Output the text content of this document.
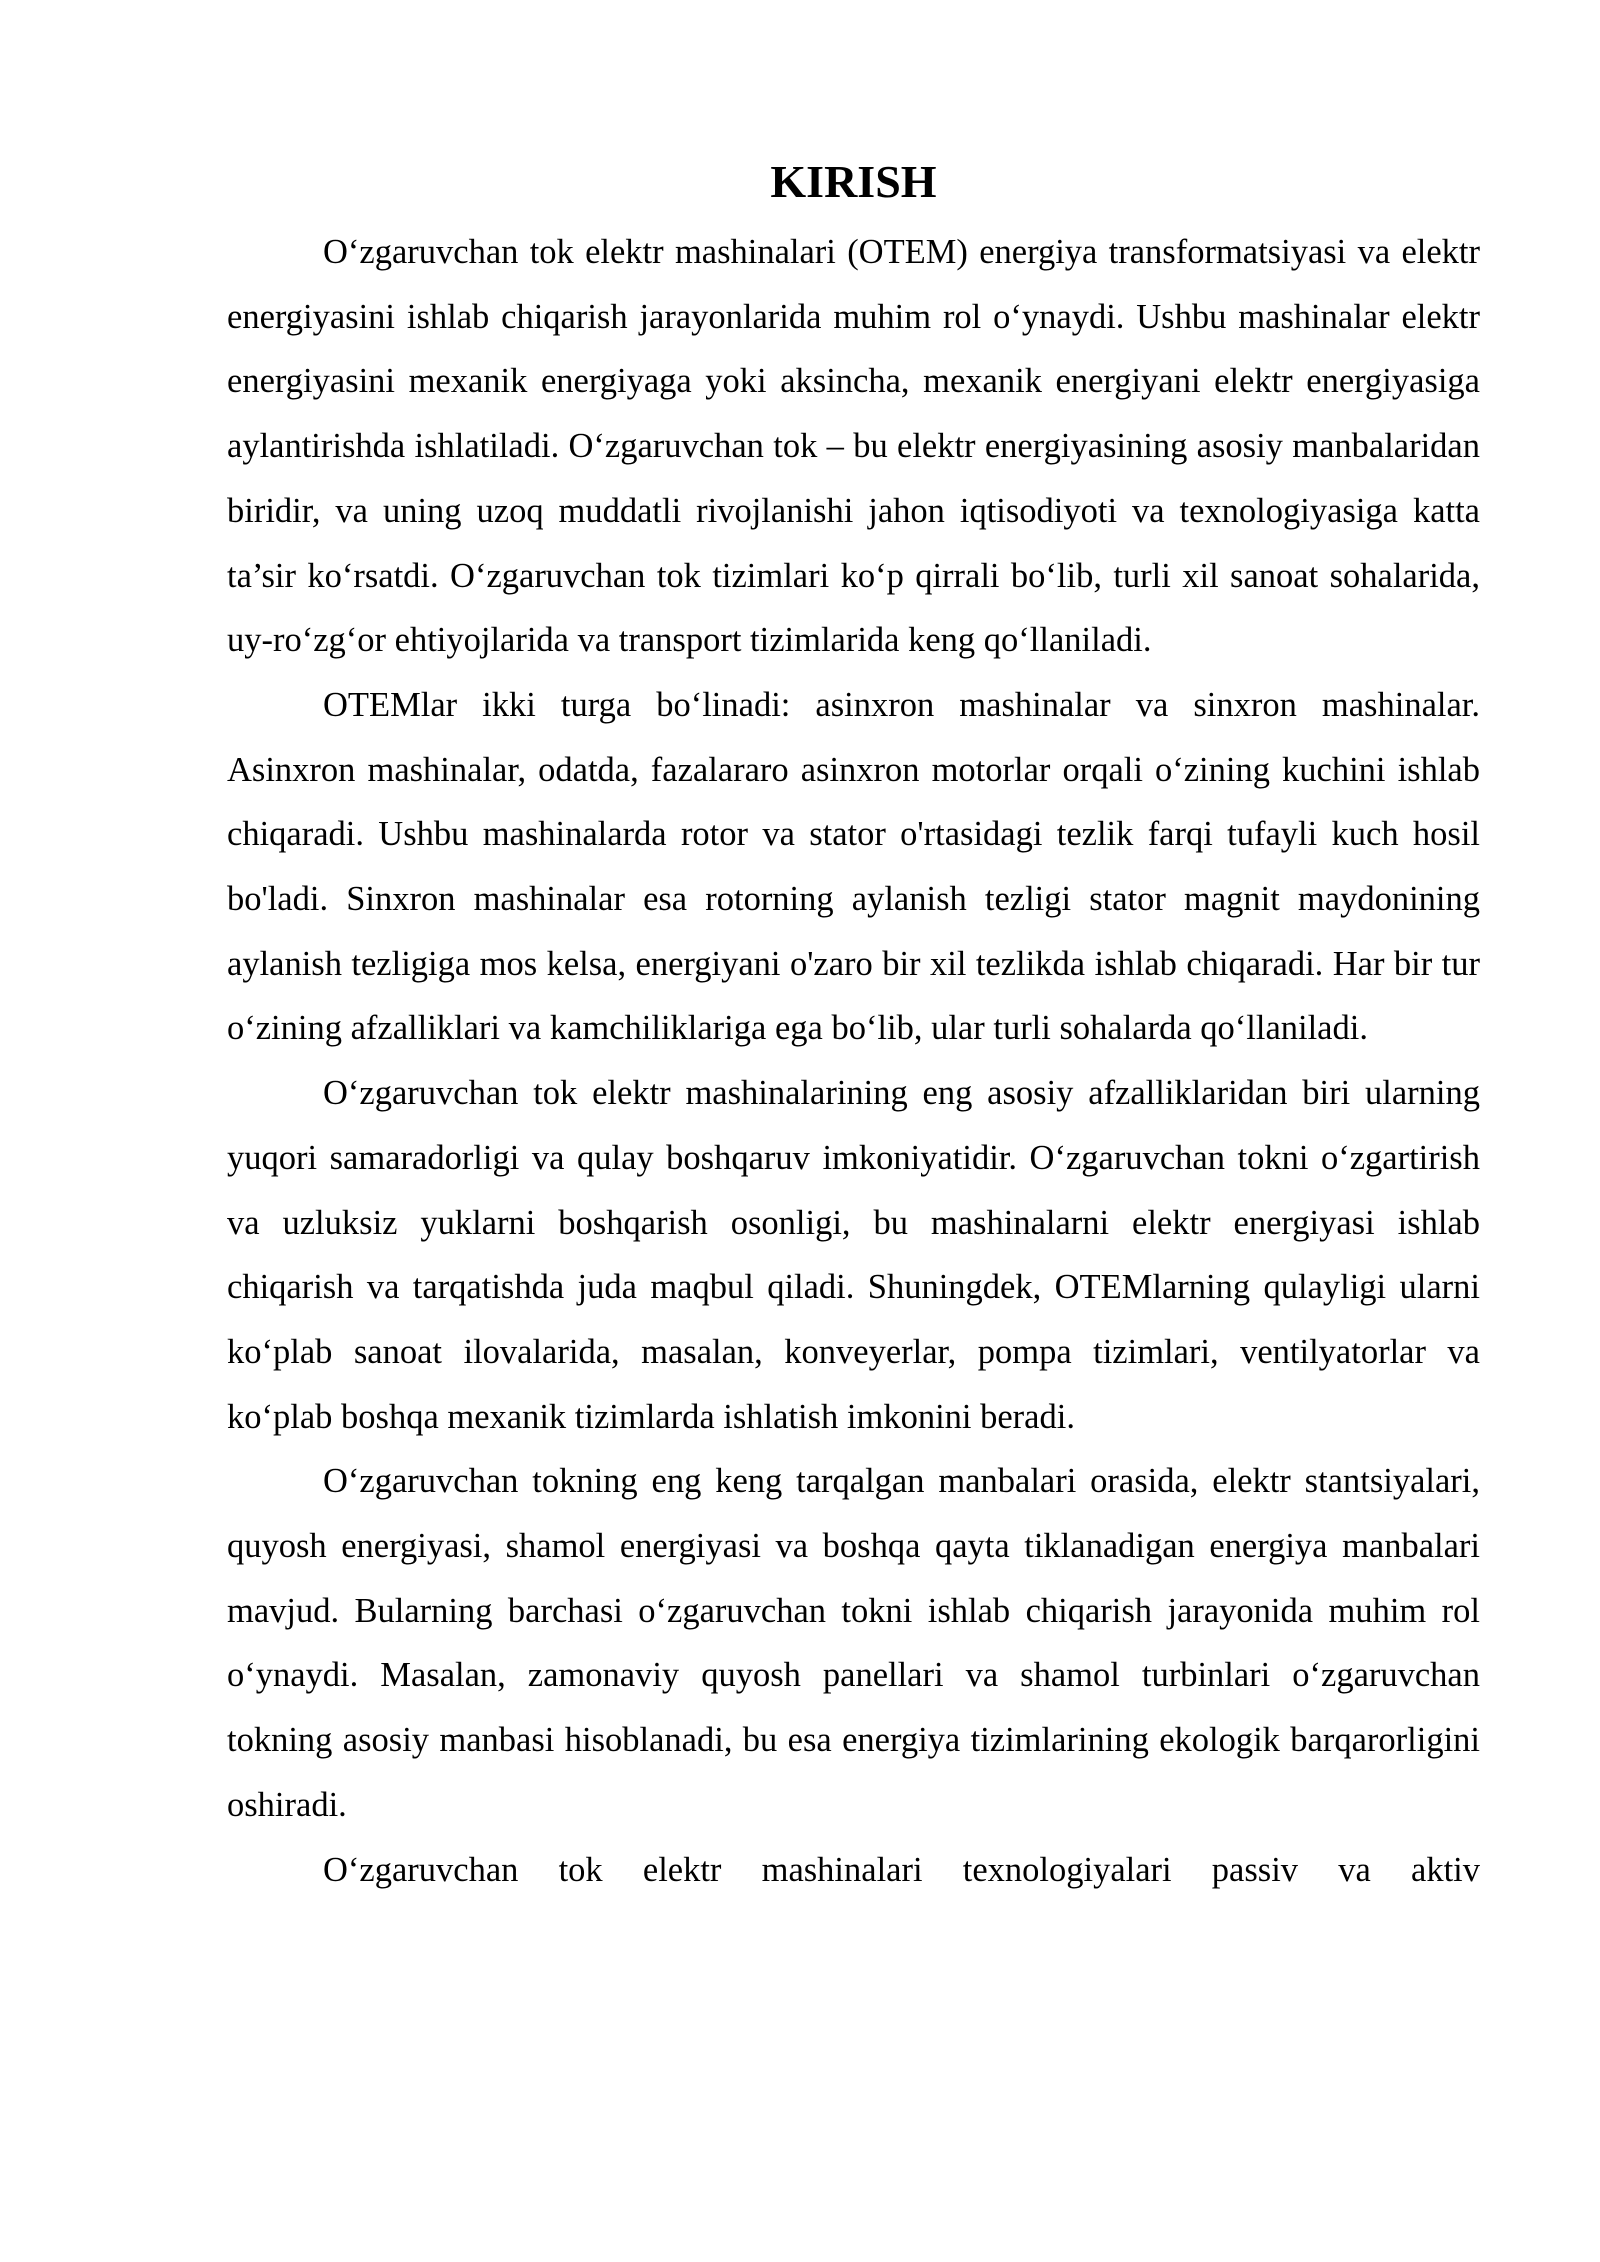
KIRISH

O‘zgaruvchan tok elektr mashinalari (OTEM) energiya transformatsiyasi va elektr energiyasini ishlab chiqarish jarayonlarida muhim rol o‘ynaydi. Ushbu mashinalar elektr energiyasini mexanik energiyaga yoki aksincha, mexanik energiyani elektr energiyasiga aylantirishda ishlatiladi. O‘zgaruvchan tok – bu elektr energiyasining asosiy manbalaridan biridir, va uning uzoq muddatli rivojlanishi jahon iqtisodiyoti va texnologiyasiga katta ta’sir ko‘rsatdi. O‘zgaruvchan tok tizimlari ko‘p qirrali bo‘lib, turli xil sanoat sohalarida, uy-ro‘zg‘or ehtiyojlarida va transport tizimlarida keng qo‘llaniladi.

OTEMlar ikki turga bo‘linadi: asinxron mashinalar va sinxron mashinalar. Asinxron mashinalar, odatda, fazalararo asinxron motorlar orqali o‘zining kuchini ishlab chiqaradi. Ushbu mashinalarda rotor va stator o'rtasidagi tezlik farqi tufayli kuch hosil bo'ladi. Sinxron mashinalar esa rotorning aylanish tezligi stator magnit maydonining aylanish tezligiga mos kelsa, energiyani o'zaro bir xil tezlikda ishlab chiqaradi. Har bir tur o‘zining afzalliklari va kamchiliklariga ega bo‘lib, ular turli sohalarda qo‘llaniladi.

O‘zgaruvchan tok elektr mashinalarining eng asosiy afzalliklaridan biri ularning yuqori samaradorligi va qulay boshqaruv imkoniyatidir. O‘zgaruvchan tokni o‘zgartirish va uzluksiz yuklarni boshqarish osonligi, bu mashinalarni elektr energiyasi ishlab chiqarish va tarqatishda juda maqbul qiladi. Shuningdek, OTEMlarning qulayligi ularni ko‘plab sanoat ilovalarida, masalan, konveyerlar, pompa tizimlari, ventilyatorlar va ko‘plab boshqa mexanik tizimlarda ishlatish imkonini beradi.

O‘zgaruvchan tokning eng keng tarqalgan manbalari orasida, elektr stantsiyalari, quyosh energiyasi, shamol energiyasi va boshqa qayta tiklanadigan energiya manbalari mavjud. Bularning barchasi o‘zgaruvchan tokni ishlab chiqarish jarayonida muhim rol o‘ynaydi. Masalan, zamonaviy quyosh panellari va shamol turbinlari o‘zgaruvchan tokning asosiy manbasi hisoblanadi, bu esa energiya tizimlarining ekologik barqarorligini oshiradi.

O‘zgaruvchan tok elektr mashinalari texnologiyalari passiv va aktiv
